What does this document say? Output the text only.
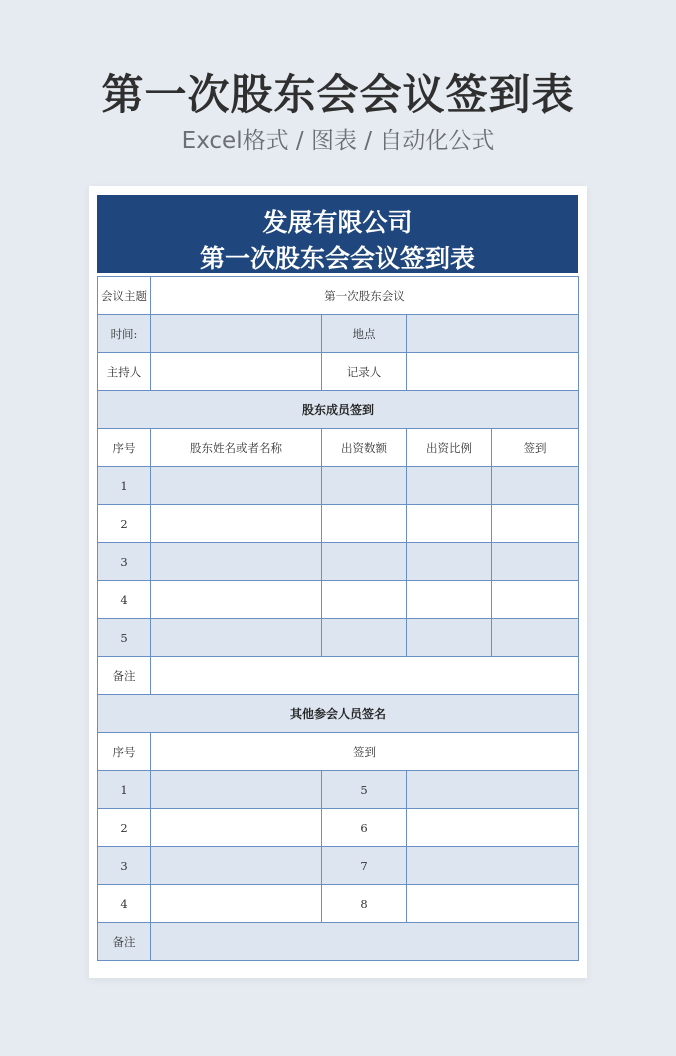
第一次股东会会议签到表
Excel格式 / 图表 / 自动化公式
发展有限公司
第一次股东会会议签到表
会议主题	第一次股东会议			
时间:		地点		
主持人		记录人		
股东成员签到				
序号	股东姓名或者名称	出资数额	出资比例	签到
1				
2				
3				
4				
5				
备注				
其他参会人员签名				
序号	签到			
1		5		
2		6		
3		7		
4		8		
备注				
